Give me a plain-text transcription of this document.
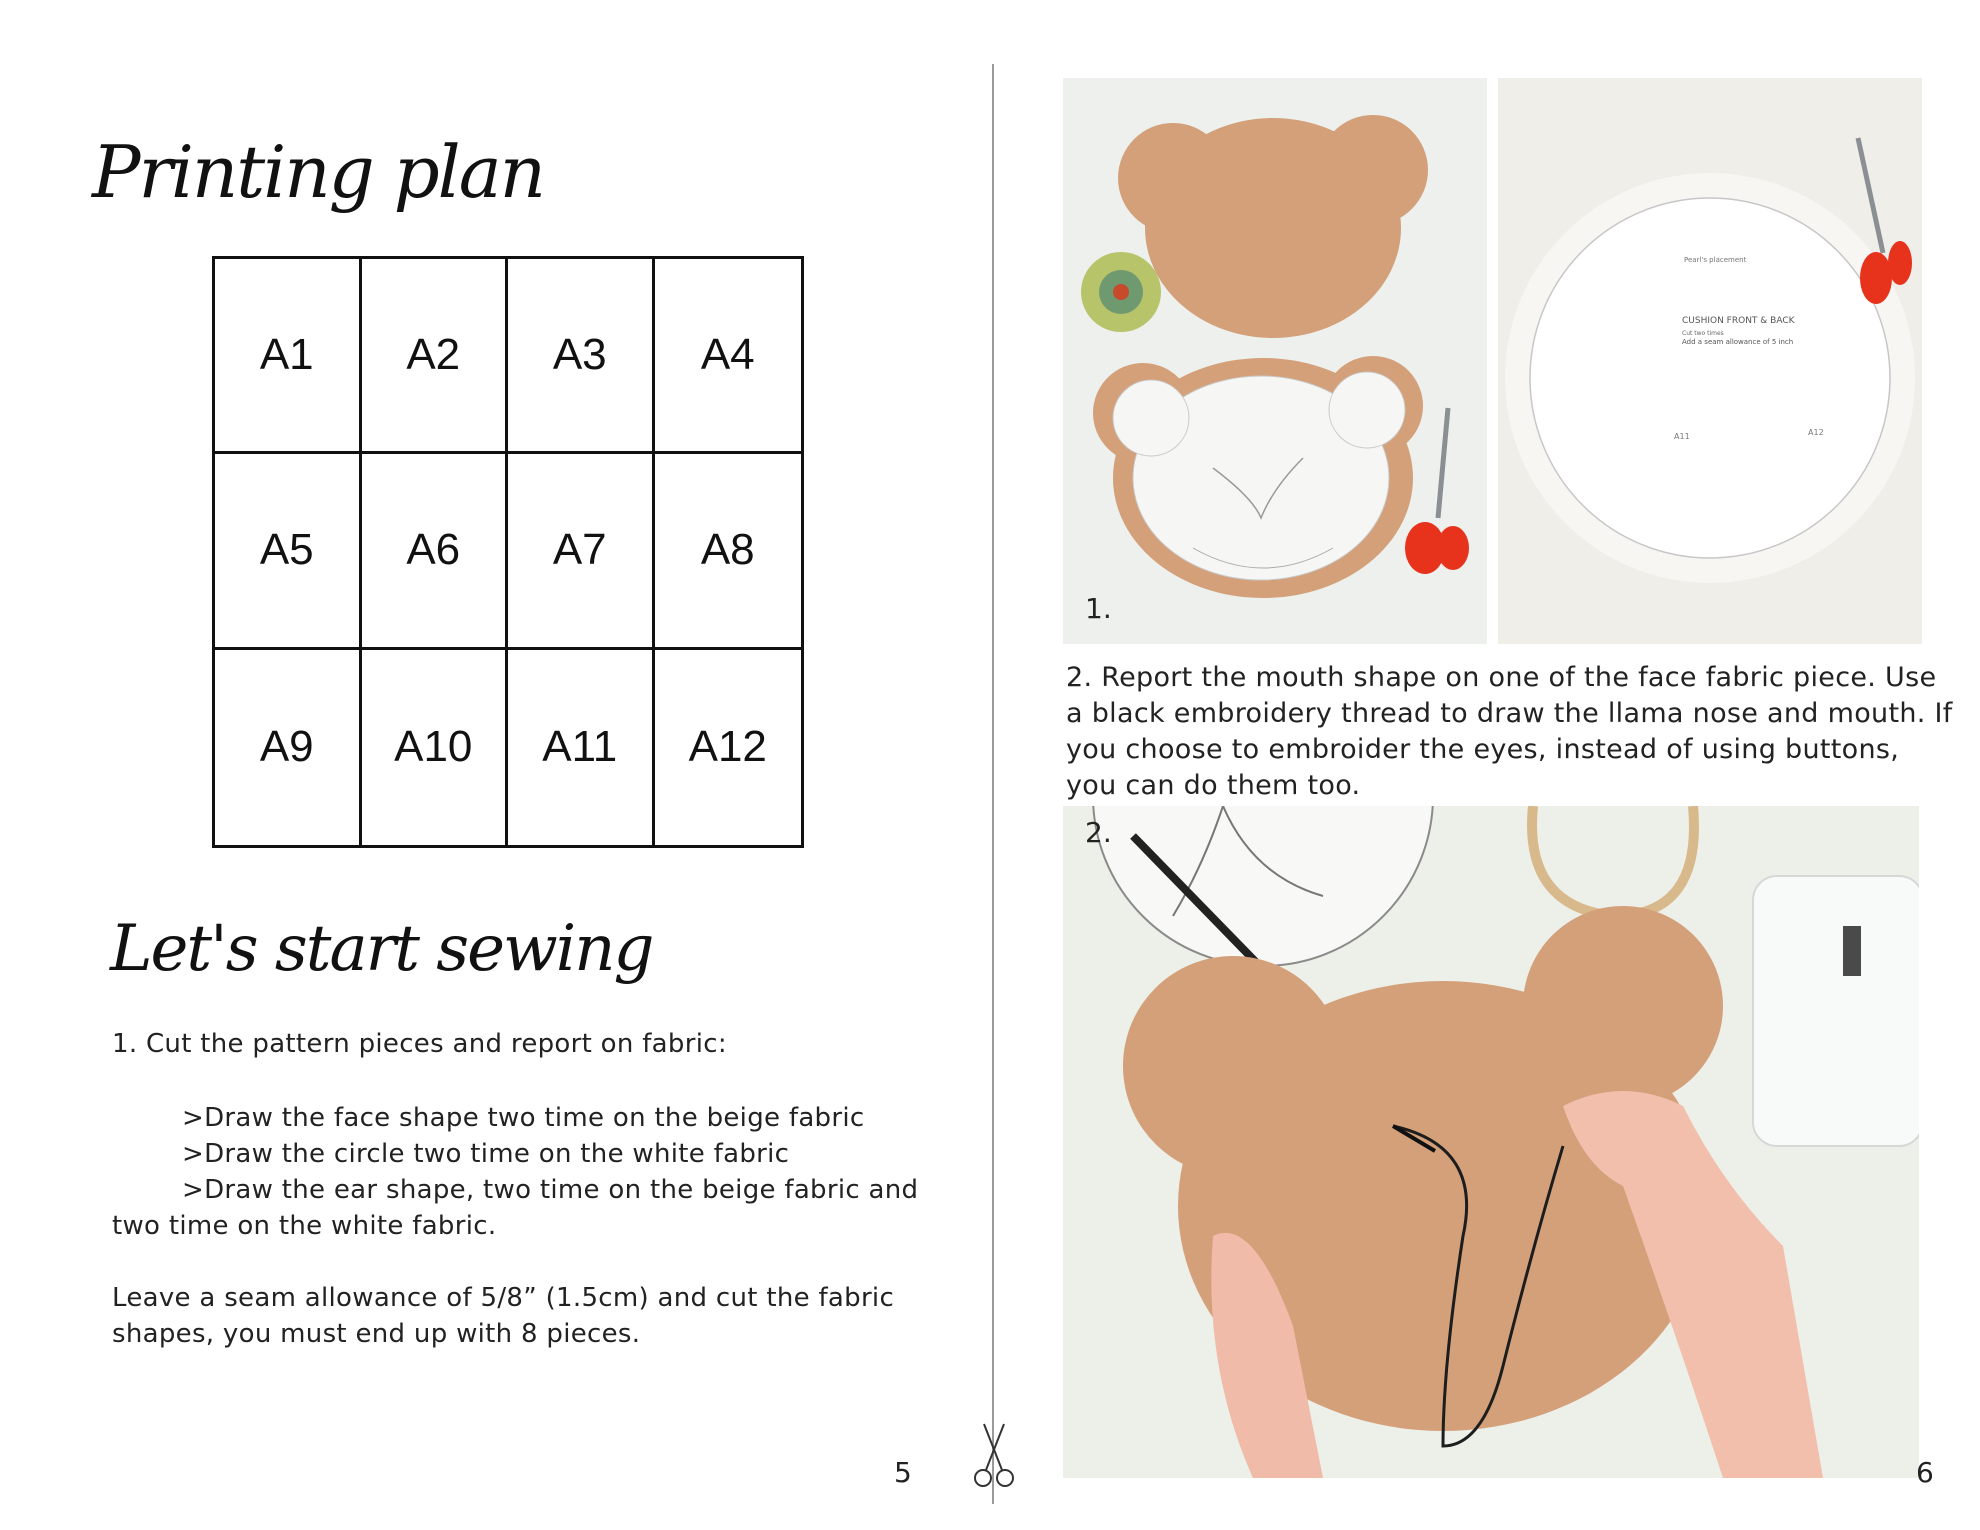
Printing plan
A1	A2	A3	A4
A5	A6	A7	A8
A9	A10	A11	A12
Let's start sewing
1. Cut the pattern pieces and report on fabric:
>Draw the face shape two time on the beige fabric
>Draw the circle two time on the white fabric
>Draw the ear shape, two time on the beige fabric and
two time on the white fabric.
Leave a seam allowance of 5/8” (1.5cm) and cut the fabric
shapes, you must end up with 8 pieces.
5
1.
Pearl's placement
CUSHION FRONT & BACK
Cut two times
Add a seam allowance of 5 inch
A11	A12
2. Report the mouth shape on one of the face fabric piece. Use
a black embroidery thread to draw the llama nose and mouth. If
you choose to embroider the eyes, instead of using buttons,
you can do them too.
2.
6
